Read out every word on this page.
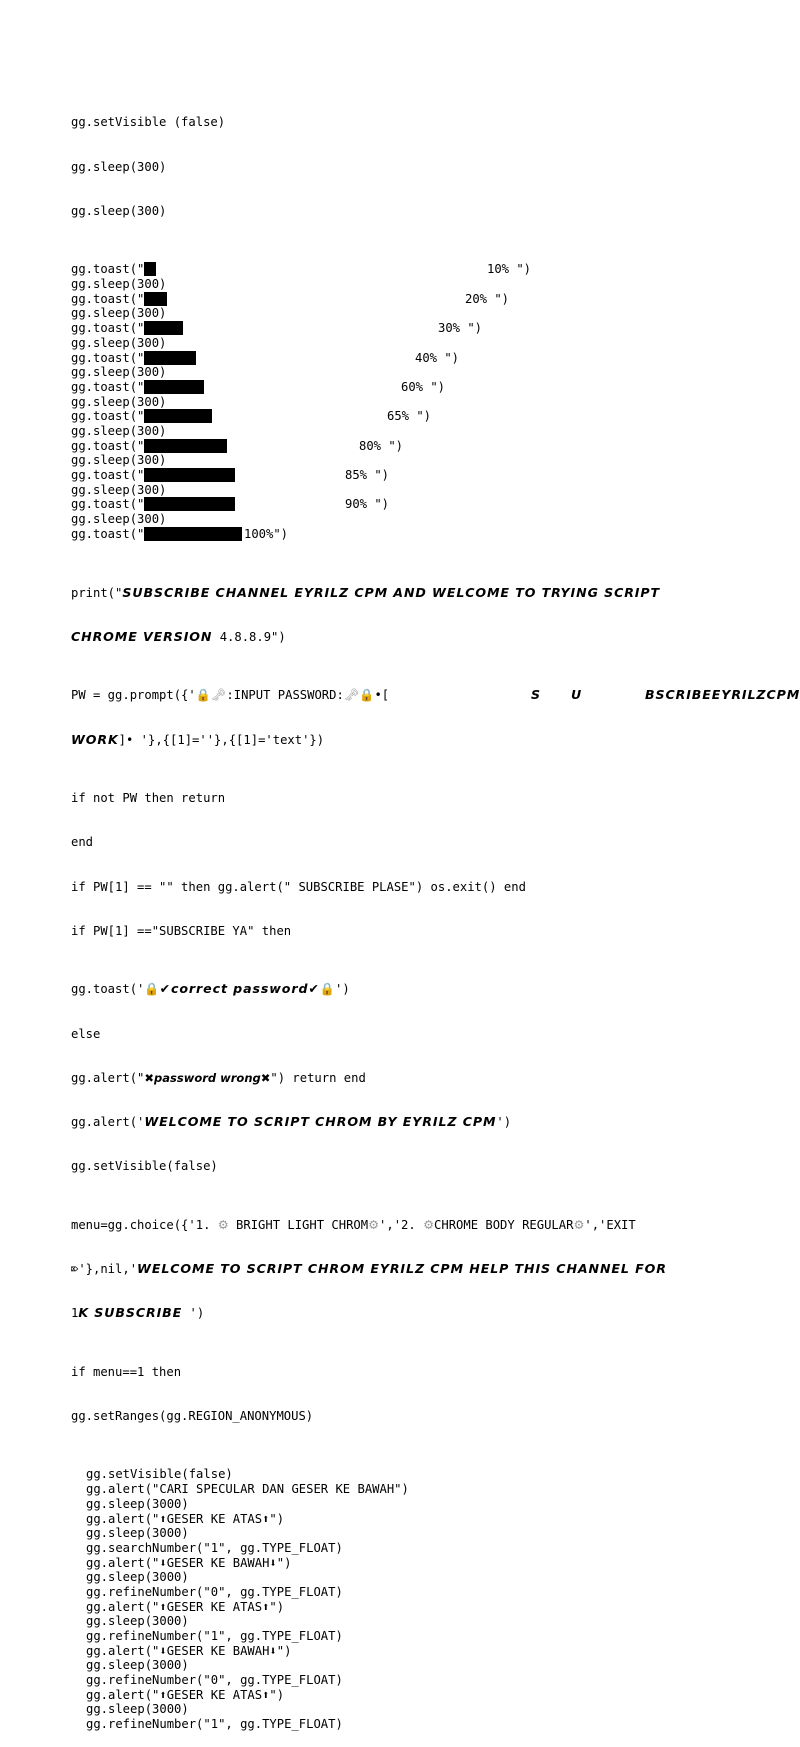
gg.setVisible (false)

gg.sleep(300)

gg.sleep(300)

gg.toast("	10% ")
gg.sleep(300)
gg.toast("	20% ")
gg.sleep(300)
gg.toast("	30% ")
gg.sleep(300)
gg.toast("	40% ")
gg.sleep(300)
gg.toast("	60% ")
gg.sleep(300)
gg.toast("	65% ")
gg.sleep(300)
gg.toast("	80% ")
gg.sleep(300)
gg.toast("	85% ")
gg.sleep(300)
gg.toast("	90% ")
gg.sleep(300)
gg.toast("	100%")

print("SUBSCRIBE CHANNEL EYRILZ CPM AND WELCOME TO TRYING SCRIPT

CHROME VERSION 4.8.8.9")

PW = gg.prompt({'🔒🗝:INPUT PASSWORD:🗝🔒•[	S U	BSCRIBEEYRILZCPM

WORK]• '},{[1]=''},{[1]='text'})

if not PW then return

end

if PW[1] == "" then gg.alert(" SUBSCRIBE PLASE") os.exit() end

if PW[1] =="SUBSCRIBE YA" then

gg.toast('🔒✔correct password✔🔒')

else

gg.alert("✖password wrong✖") return end

gg.alert('WELCOME TO SCRIPT CHROM BY EYRILZ CPM')

gg.setVisible(false)

menu=gg.choice({'1. ⚙ BRIGHT LIGHT CHROM⚙','2. ⚙CHROME BODY REGULAR⚙','EXIT

⌦'},nil,'WELCOME TO SCRIPT CHROM EYRILZ CPM HELP THIS CHANNEL FOR

1K SUBSCRIBE ')

if menu==1 then

gg.setRanges(gg.REGION_ANONYMOUS)

gg.setVisible(false)
gg.alert("CARI SPECULAR DAN GESER KE BAWAH")
gg.sleep(3000)
gg.alert("⬆GESER KE ATAS⬆")
gg.sleep(3000)
gg.searchNumber("1", gg.TYPE_FLOAT)
gg.alert("⬇GESER KE BAWAH⬇")
gg.sleep(3000)
gg.refineNumber("0", gg.TYPE_FLOAT)
gg.alert("⬆GESER KE ATAS⬆")
gg.sleep(3000)
gg.refineNumber("1", gg.TYPE_FLOAT)
gg.alert("⬇GESER KE BAWAH⬇")
gg.sleep(3000)
gg.refineNumber("0", gg.TYPE_FLOAT)
gg.alert("⬆GESER KE ATAS⬆")
gg.sleep(3000)
gg.refineNumber("1", gg.TYPE_FLOAT)
